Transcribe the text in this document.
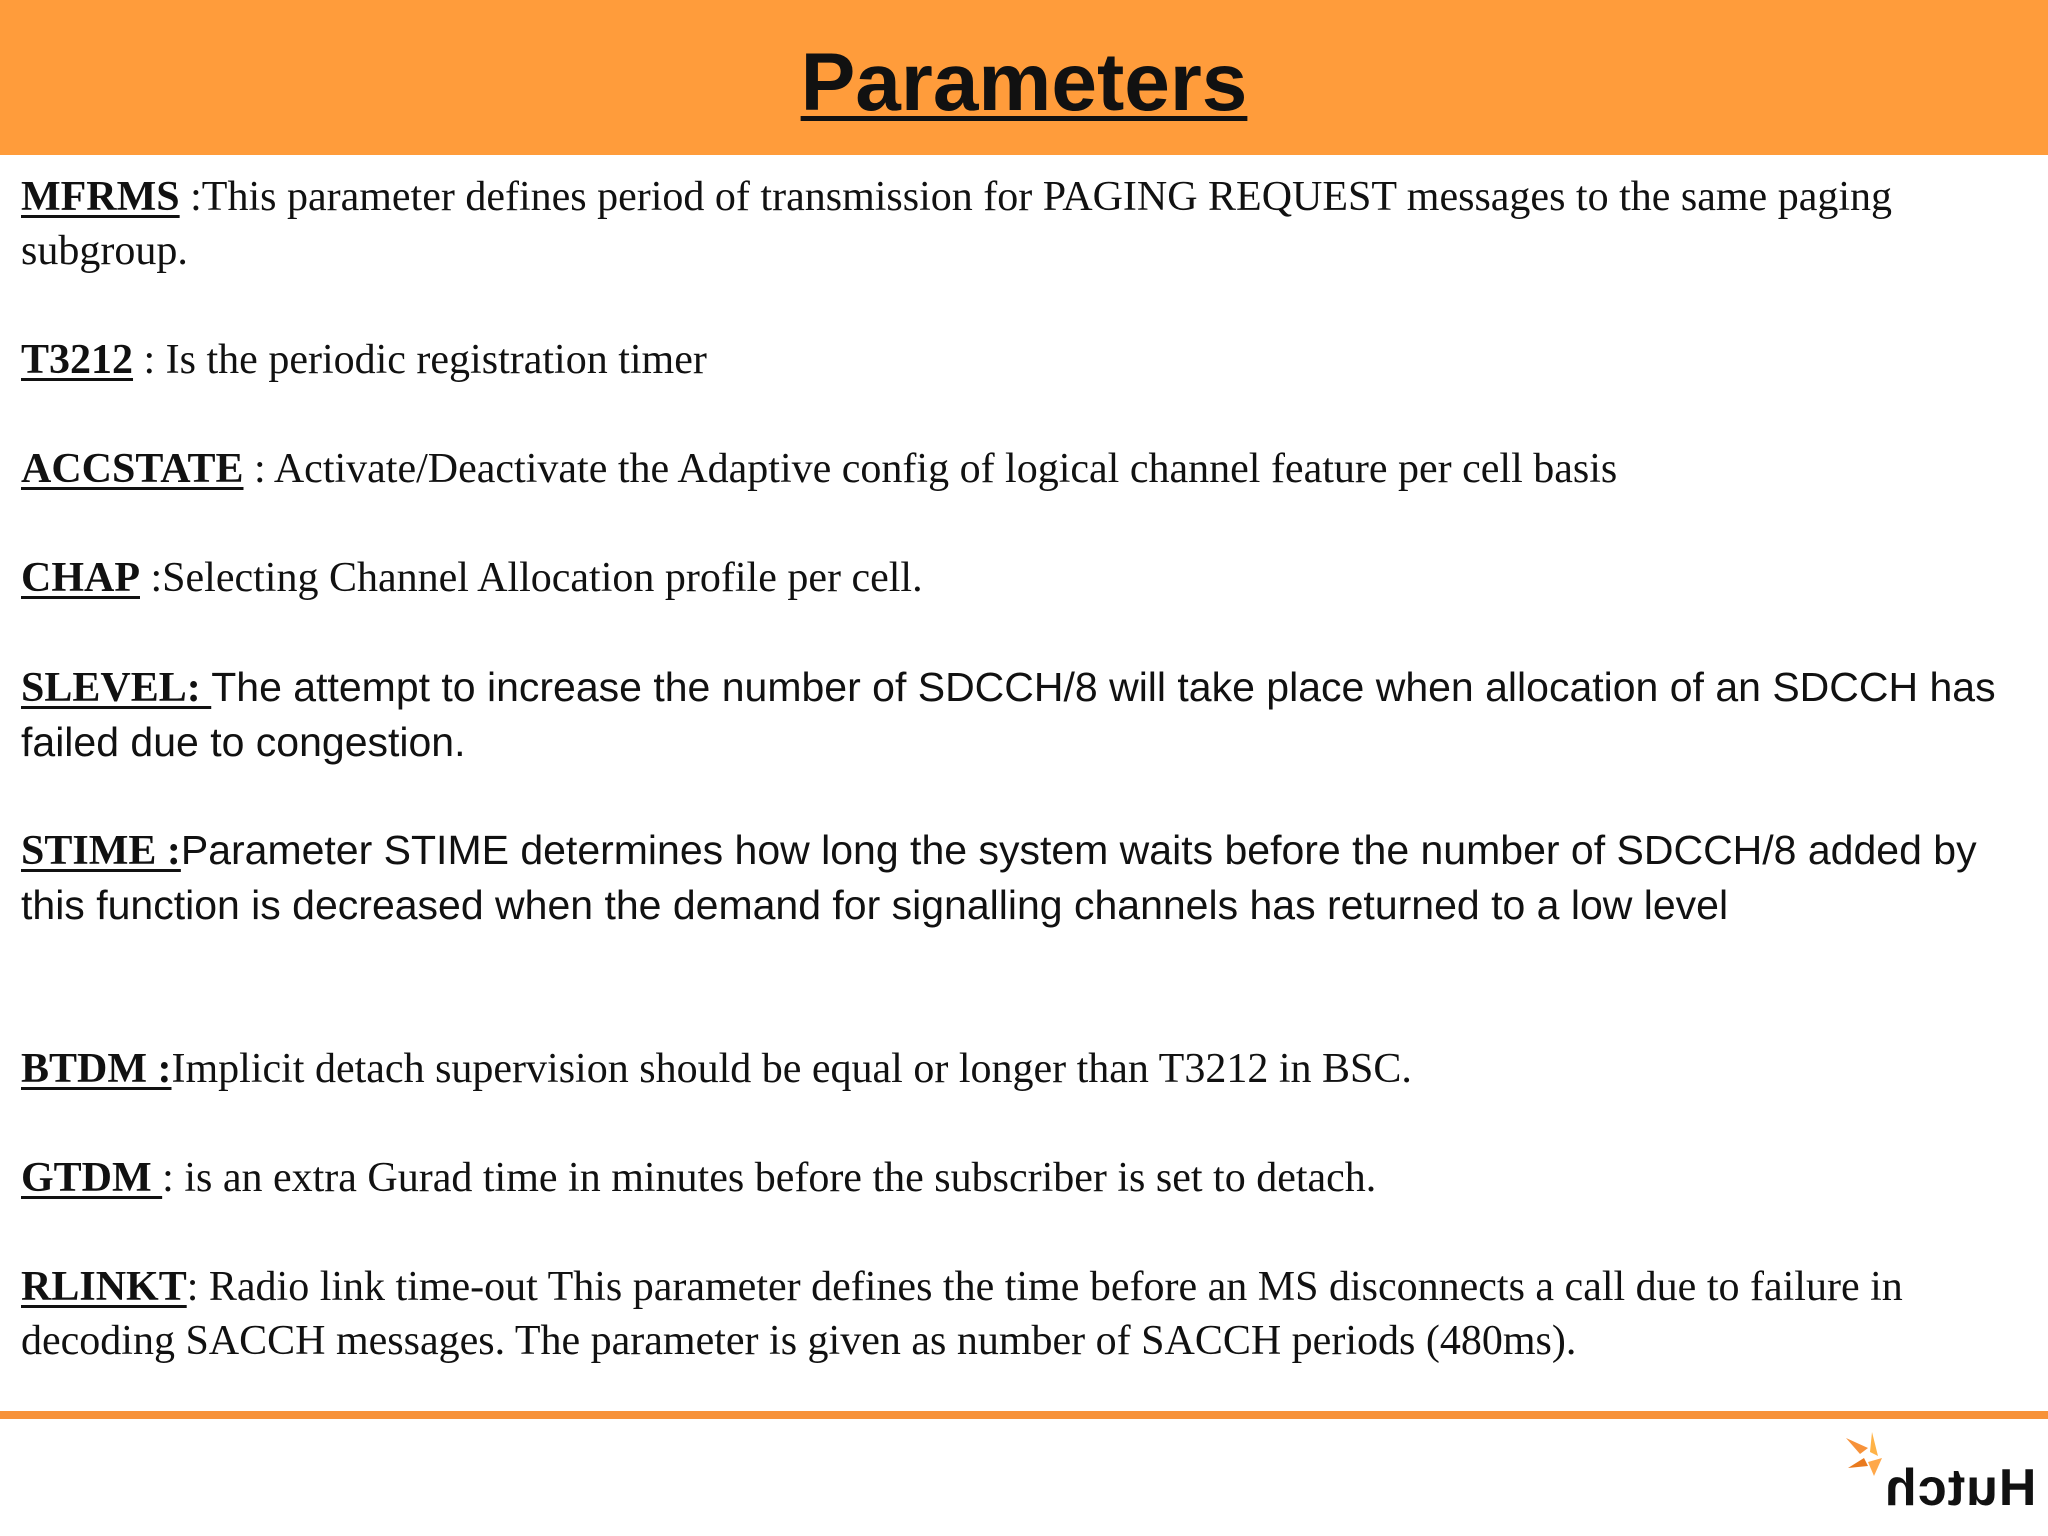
Parameters

MFRMS :This parameter defines period of transmission for PAGING REQUEST messages to the same paging subgroup.

T3212 : Is the periodic registration timer

ACCSTATE : Activate/Deactivate the Adaptive config of logical channel feature per cell basis

CHAP :Selecting Channel Allocation profile per cell.

SLEVEL: The attempt to increase the number of SDCCH/8 will take place when allocation of an SDCCH has failed due to congestion.

STIME :Parameter STIME determines how long the system waits before the number of SDCCH/8 added by this function is decreased when the demand for signalling channels has returned to a low level

BTDM :Implicit detach supervision should be equal or longer than T3212 in BSC.

GTDM : is an extra Gurad time in minutes before the subscriber is set to detach.

RLINKT: Radio link time-out This parameter defines the time before an MS disconnects a call due to failure in decoding SACCH messages. The parameter is given as number of SACCH periods (480ms).

Hutch
